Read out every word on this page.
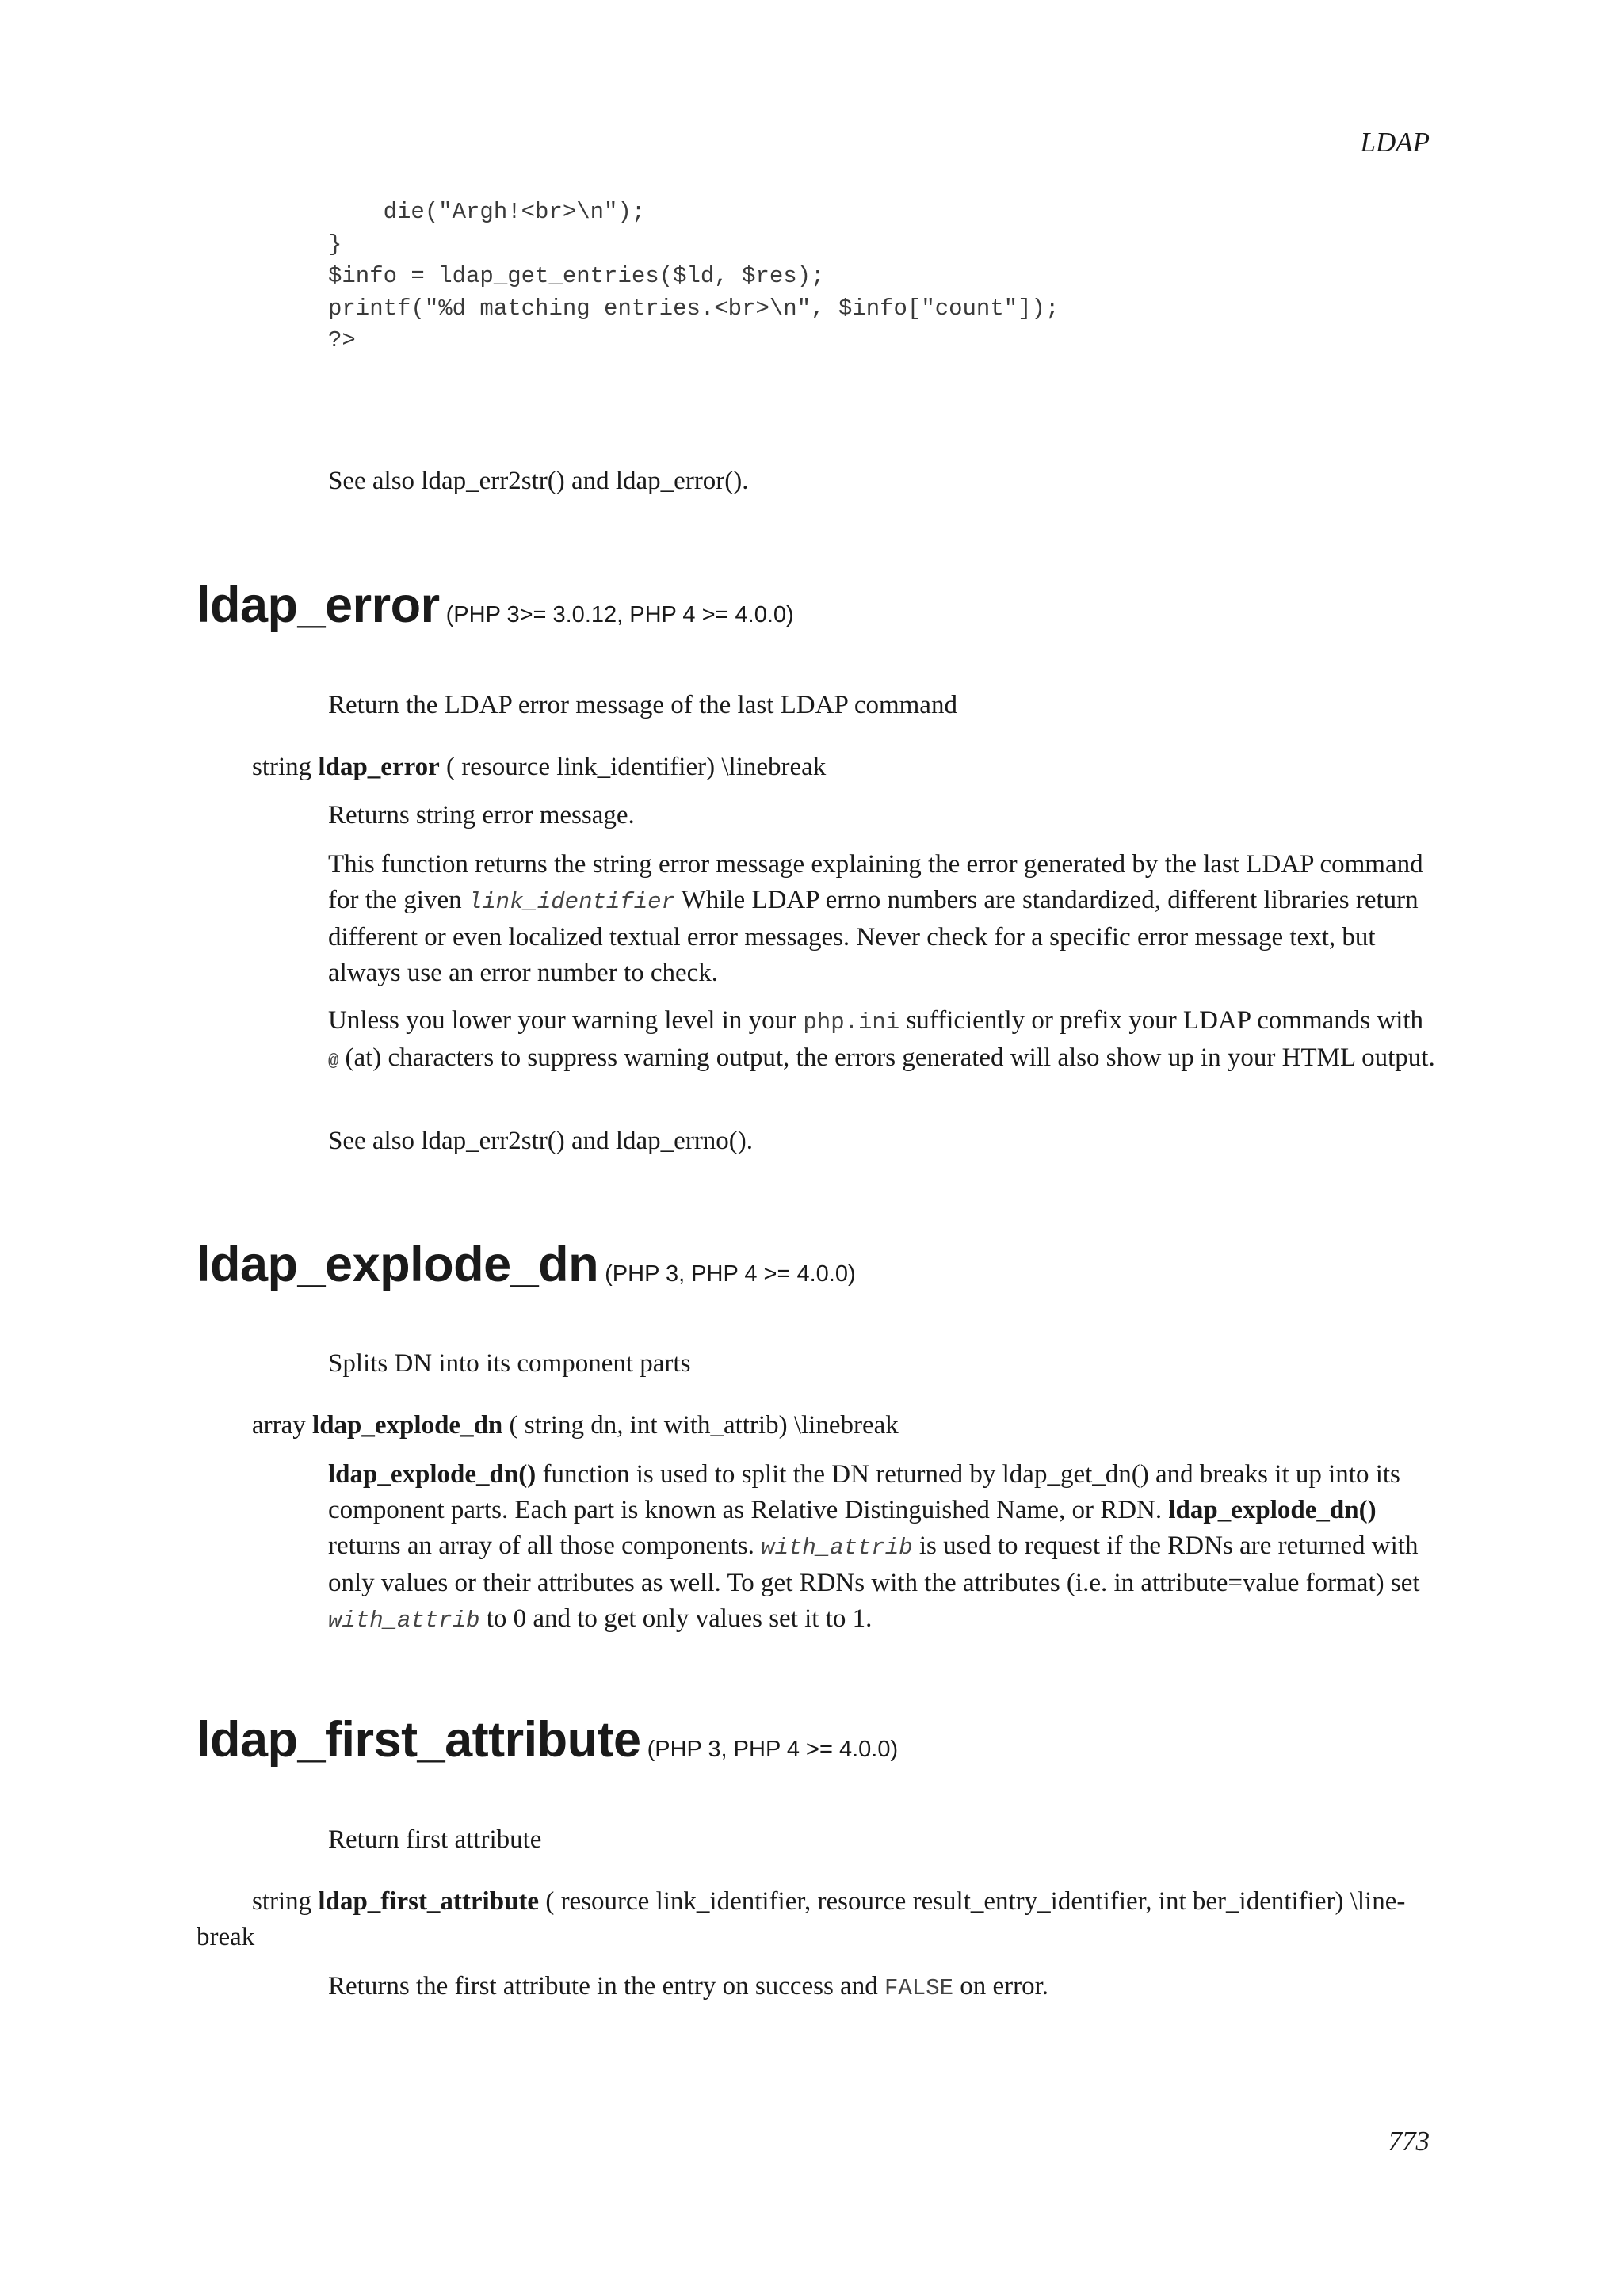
LDAP
die("Argh!<br>\n");
}
$info = ldap_get_entries($ld, $res);
printf("%d matching entries.<br>\n", $info["count"]);
?>

See also ldap_err2str() and ldap_error().

ldap_error (PHP 3>= 3.0.12, PHP 4 >= 4.0.0)

Return the LDAP error message of the last LDAP command

string ldap_error ( resource link_identifier) \linebreak

Returns string error message.

This function returns the string error message explaining the error generated by the last LDAP command for the given link_identifier While LDAP errno numbers are standardized, different libraries return different or even localized textual error messages. Never check for a specific error message text, but always use an error number to check.

Unless you lower your warning level in your php.ini sufficiently or prefix your LDAP commands with @ (at) characters to suppress warning output, the errors generated will also show up in your HTML output.

See also ldap_err2str() and ldap_errno().

ldap_explode_dn (PHP 3, PHP 4 >= 4.0.0)

Splits DN into its component parts

array ldap_explode_dn ( string dn, int with_attrib) \linebreak

ldap_explode_dn() function is used to split the DN returned by ldap_get_dn() and breaks it up into its component parts. Each part is known as Relative Distinguished Name, or RDN. ldap_explode_dn() returns an array of all those components. with_attrib is used to request if the RDNs are returned with only values or their attributes as well. To get RDNs with the attributes (i.e. in attribute=value format) set with_attrib to 0 and to get only values set it to 1.

ldap_first_attribute (PHP 3, PHP 4 >= 4.0.0)

Return first attribute

string ldap_first_attribute ( resource link_identifier, resource result_entry_identifier, int ber_identifier) \line-break

Returns the first attribute in the entry on success and FALSE on error.

773
